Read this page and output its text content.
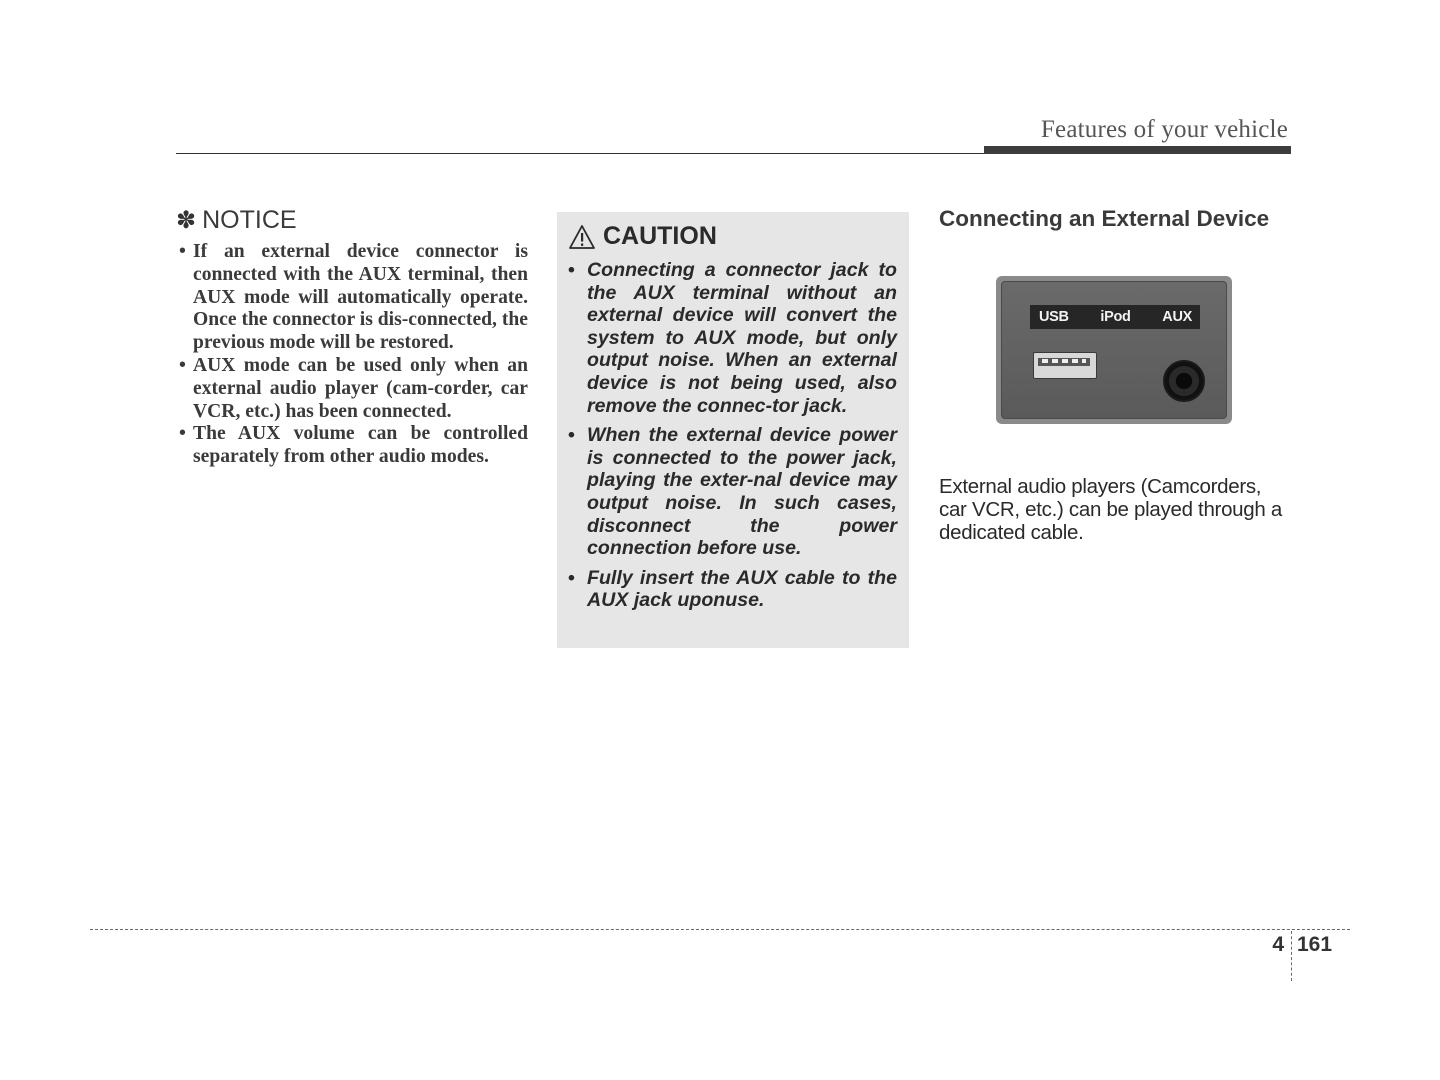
Features of your vehicle
✽ NOTICE
• If an external device connector is connected with the AUX terminal, then AUX mode will automatically operate. Once the connector is dis-connected, the previous mode will be restored.
• AUX mode can be used only when an external audio player (cam-corder, car VCR, etc.) has been connected.
• The AUX volume can be controlled separately from other audio modes.
CAUTION
• Connecting a connector jack to the AUX terminal without an external device will convert the system to AUX mode, but only output noise. When an external device is not being used, also remove the connec-tor jack.
• When the external device power is connected to the power jack, playing the exter-nal device may output noise. In such cases, disconnect the power connection before use.
• Fully insert the AUX cable to the AUX jack uponuse.
Connecting an External Device
USB iPod AUX

External audio players (Camcorders, car VCR, etc.) can be played through a dedicated cable.

4 161
